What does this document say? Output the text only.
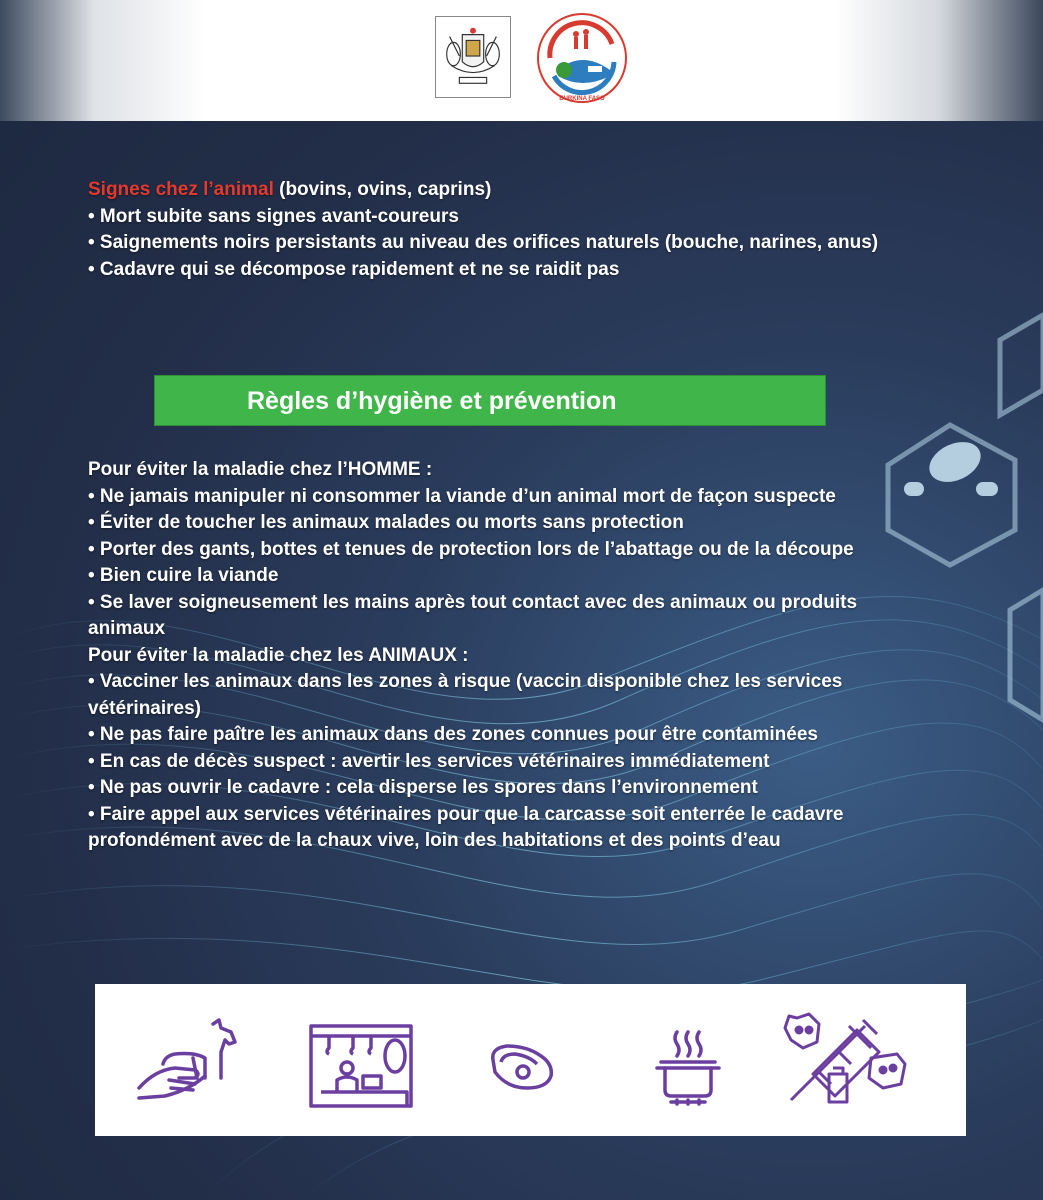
BURKINA FASO
Signes chez l’animal (bovins, ovins, caprins)
• Mort subite sans signes avant-coureurs
• Saignements noirs persistants au niveau des orifices naturels (bouche, narines, anus)
• Cadavre qui se décompose rapidement et ne se raidit pas
Règles d’hygiène et prévention
Pour éviter la maladie chez l’HOMME :
• Ne jamais manipuler ni consommer la viande d’un animal mort de façon suspecte
• Éviter de toucher les animaux malades ou morts sans protection
• Porter des gants, bottes et tenues de protection lors de l’abattage ou de la découpe
• Bien cuire la viande
• Se laver soigneusement les mains après tout contact avec des animaux ou produits animaux
Pour éviter la maladie chez les ANIMAUX :
• Vacciner les animaux dans les zones à risque (vaccin disponible chez les services vétérinaires)
• Ne pas faire paître les animaux dans des zones connues pour être contaminées
• En cas de décès suspect : avertir les services vétérinaires immédiatement
• Ne pas ouvrir le cadavre : cela disperse les spores dans l’environnement
• Faire appel aux services vétérinaires pour que la carcasse soit enterrée le cadavre profondément avec de la chaux vive, loin des habitations et des points d’eau
